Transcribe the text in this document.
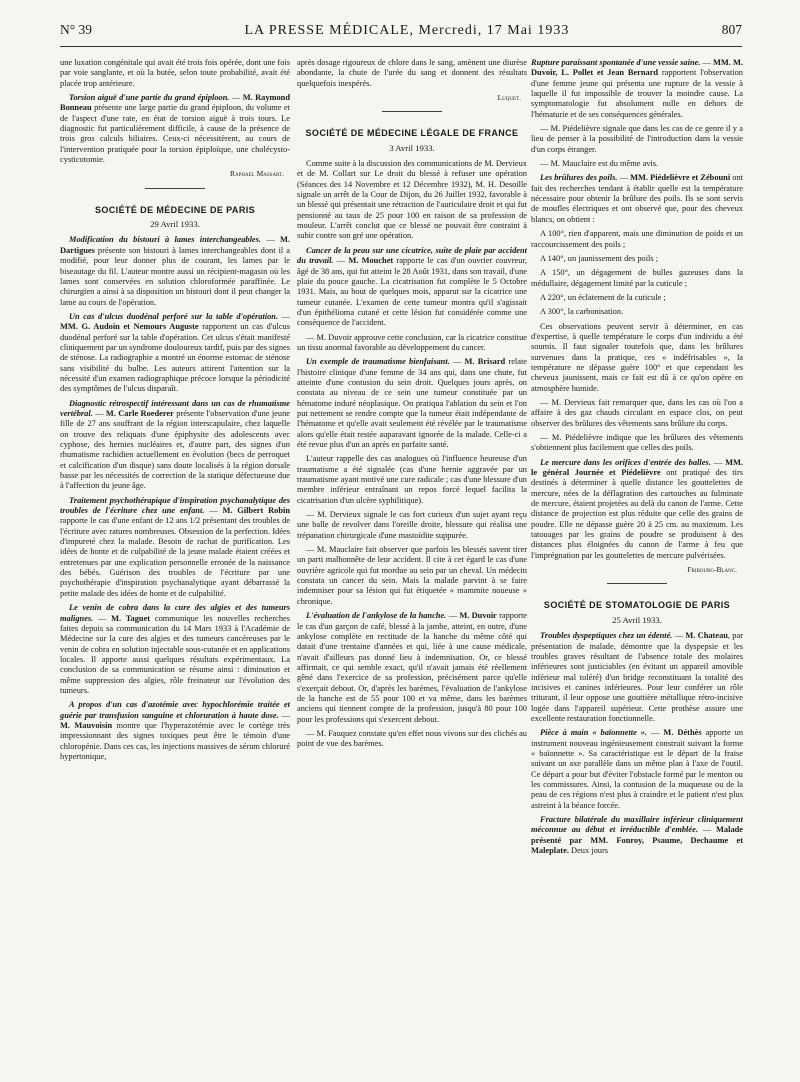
N° 39	LA PRESSE MÉDICALE, Mercredi, 17 Mai 1933	807

une luxation congénitale qui avait été trois fois opérée, dont une fois par voie sanglante, et où la butée, selon toute probabilité, avait été placée trop antérieure.

Torsion aiguë d'une partie du grand épiploon. — M. Raymond Bonneau présente une large partie du grand épiploon, du volume et de l'aspect d'une rate, en état de torsion aiguë à trois tours. Le diagnostic fut particulièrement difficile, à cause de la présence de trois gros calculs biliaires. Ceux-ci nécessitèrent, au cours de l'intervention pratiquée pour la torsion épiploïque, une cholécysto-cysticotomie.

Raphael Massart.
SOCIÉTÉ DE MÉDECINE DE PARIS
29 Avril 1933.

Modification du bistouri à lames interchangeables. — M. Dartigues présente son bistouri à lames interchangeables dont il a modifié, pour leur donner plus de courant, les lames par le biseautage du fil. L'auteur montre aussi un récipient-magasin où les lames sont conservées en solution chloroformée paraffinée. Le chirurgien a ainsi à sa disposition un bistouri dont il peut changer la lame au cours de l'opération.

Un cas d'ulcus duodénal perforé sur la table d'opération. — MM. G. Audoin et Nemours Auguste rapportent un cas d'ulcus duodénal perforé sur la table d'opération. Cet ulcus s'était manifesté cliniquement par un syndrome douloureux tardif, puis par des signes de sténose. La radiographie a montré un énorme estomac de sténose sans visibilité du bulbe. Les auteurs attirent l'attention sur la nécessité d'un examen radiographique précoce lorsque la périodicité des symptômes de l'ulcus disparaît.

Diagnostic rétrospectif intéressant dans un cas de rhumatisme vertébral. — M. Carle Roederer présente l'observation d'une jeune fille de 27 ans souffrant de la région interscapulaire, chez laquelle on trouve des reliquats d'une épiphysite des adolescents avec cyphose, des hernies nucléaires et, d'autre part, des signes d'un rhumatisme rachidien actuellement en évolution (becs de perroquet et calcification d'un disque) sans doute localisés à la région dorsale basse par les nécessités de correction de la statique défectueuse due à l'affection du jeune âge.

Traitement psychothérapique d'inspiration psychanalytique des troubles de l'écriture chez une enfant. — M. Gilbert Robin rapporte le cas d'une enfant de 12 ans 1/2 présentant des troubles de l'écriture avec ratures nombreuses. Obsession de la perfection. Idées d'impureté chez la malade. Besoin de rachat de purification. Les idées de honte et de culpabilité de la jeune malade étaient créées et entretenues par une explication personnelle erronée de la naissance des bébés. Guérison des troubles de l'écriture par une psychothérapie d'inspiration psychanalytique ayant débarrassé la petite malade des idées de honte et de culpabilité.

Le venin de cobra dans la cure des algies et des tumeurs malignes. — M. Taguet communique les nouvelles recherches faites depuis sa communication du 14 Mars 1933 à l'Académie de Médecine sur la cure des algies et des tumeurs cancéreuses par le venin de cobra en solution injectable sous-cutanée et en applications locales. Il apporte aussi quelques résultats expérimentaux. La conclusion de sa communication se résume ainsi : diminution et même suppression des algies, rôle freinateur sur l'évolution des tumeurs.

A propos d'un cas d'azotémie avec hypochlorémie traitée et guérie par transfusion sanguine et chloruration à haute dose. — M. Mauvoisin montre que l'hyperazotémie avec le cortège très impressionnant des signes toxiques peut être le témoin d'une chloropénie. Dans ces cas, les injections massives de sérum chloruré hypertonique,

après dosage rigoureux de chlore dans le sang, amènent une diurèse abondante, la chute de l'urée du sang et donnent des résultats quelquefois inespérés.

Luquet.
SOCIÉTÉ DE MÉDECINE LÉGALE DE FRANCE
3 Avril 1933.

Comme suite à la discussion des communications de M. Dervieux et de M. Collart sur Le droit du blessé à refuser une opération (Séances des 14 Novembre et 12 Décembre 1932), M. H. Desoille signale un arrêt de la Cour de Dijon, du 26 Juillet 1932, favorable à un blessé qui présentait une rétraction de l'auriculaire droit et qui fut pensionné au taux de 25 pour 100 en raison de sa profession de mouleur. L'arrêt conclut que ce blessé ne pouvait être contraint à subir contre son gré une opération.

Cancer de la peau sur une cicatrice, suite de plaie par accident du travail. — M. Mouchet rapporte le cas d'un ouvrier couvreur, âgé de 38 ans, qui fut atteint le 28 Août 1931, dans son travail, d'une plaie du pouce gauche. La cicatrisation fut complète le 5 Octobre 1931. Mais, au bout de quelques mois, apparut sur la cicatrice une tumeur cutanée. L'examen de cette tumeur montra qu'il s'agissait d'un épithélioma cutané et cette lésion fut considérée comme une conséquence de l'accident.

— M. Duvoir approuve cette conclusion, car la cicatrice constitue un tissu anormal favorable au développement du cancer.

Un exemple de traumatisme bienfaisant. — M. Brisard relate l'histoire clinique d'une femme de 34 ans qui, dans une chute, fut atteinte d'une contusion du sein droit. Quelques jours après, on constata au niveau de ce sein une tumeur constituée par un hématome induré néoplasique. On pratiqua l'ablation du sein et l'on put nettement se rendre compte que la tumeur était indépendante de l'hématome et qu'elle avait seulement été révélée par le traumatisme alors qu'elle était restée auparavant ignorée de la malade. Celle-ci a été revue plus d'un an après en parfaite santé.

L'auteur rappelle des cas analogues où l'influence heureuse d'un traumatisme a été signalée (cas d'une hernie aggravée par un traumatisme ayant motivé une cure radicale ; cas d'une blessure d'un membre inférieur entraînant un repos forcé lequel facilita la cicatrisation d'un ulcère syphilitique).

— M. Dervieux signale le cas fort curieux d'un sujet ayant reçu une balle de revolver dans l'oreille droite, blessure qui réalisa une trépanation chirurgicale d'une mastoïdite suppurée.

— M. Mauclaire fait observer que parfois les blessés savent tirer un parti malhonnête de leur accident. Il cite à cet égard le cas d'une ouvrière agricole qui fut mordue au sein par un cheval. Un médecin constata un cancer du sein. Mais la malade parvint à se faire indemniser pour sa lésion qui fut étiquetée « mammite noueuse » chronique.

L'évaluation de l'ankylose de la hanche. — M. Duvoir rapporte le cas d'un garçon de café, blessé à la jambe, atteint, en outre, d'une ankylose complète en rectitude de la hanche du même côté qui datait d'une trentaine d'années et qui, liée à une cause médicale, n'avait d'ailleurs pas donné lieu à indemnisation. Or, ce blessé affirmait, ce qui semble exact, qu'il n'avait jamais été réellement gêné dans l'exercice de sa profession, précisément parce qu'elle s'exerçait debout. Or, d'après les barèmes, l'évaluation de l'ankylose de la hanche est de 55 pour 100 et va même, dans les barèmes anciens qui tiennent compte de la profession, jusqu'à 80 pour 100 pour les professions qui s'exercent debout.

— M. Fauquez constate qu'en effet nous vivons sur des clichés au point de vue des barèmes.

Rupture paraissant spontanée d'une vessie saine. — MM. M. Duvoir, L. Pollet et Jean Bernard rapportent l'observation d'une femme jeune qui présenta une rupture de la vessie à laquelle il fut impossible de trouver la moindre cause. La symptomatologie fut absolument nulle en dehors de l'hématurie et de ses conséquences générales.

— M. Piédelièvre signale que dans les cas de ce genre il y a lieu de penser à la possibilité de l'introduction dans la vessie d'un corps étranger.

— M. Mauclaire est du même avis.

Les brûlures des poils. — MM. Piédelièvre et Zébouni ont fait des recherches tendant à établir quelle est la température nécessaire pour obtenir la brûlure des poils. Ils se sont servis de moufles électriques et ont observé que, pour des cheveux blancs, on obtient :

A 100°, rien d'apparent, mais une diminution de poids et un raccourcissement des poils ;

A 140°, un jaunissement des poils ;

A 150°, un dégagement de bulles gazeuses dans la médullaire, dégagement limité par la cuticule ;

A 220°, un éclatement de la cuticule ;

A 300°, la carbonisation.

Ces observations peuvent servir à déterminer, en cas d'expertise, à quelle température le corps d'un individu a été soumis. Il faut signaler toutefois que, dans les brûlures survenues dans la pratique, ces « indéfrisables », la température ne dépasse guère 100° et que cependant les cheveux jaunissent, mais ce fait est dû à ce qu'on opère en atmosphère humide.

— M. Dervieux fait remarquer que, dans les cas où l'on a affaire à des gaz chauds circulant en espace clos, on peut observer des brûlures des vêtements sans brûlure du corps.

— M. Piédelièvre indique que les brûlures des vêtements s'obtiennent plus facilement que celles des poils.

Le mercure dans les orifices d'entrée des balles. — MM. le général Journée et Piédelièvre ont pratiqué des tirs destinés à déterminer à quelle distance les gouttelettes de mercure, nées de la déflagration des cartouches au fulminate de mercure, étaient projetées au delà du canon de l'arme. Cette distance de projection est plus réduite que celle des grains de poudre. Elle ne dépasse guère 20 à 25 cm. au maximum. Les tatouages par les grains de poudre se produisent à des distances plus éloignées du canon de l'arme à feu que l'imprégnation par les gouttelettes de mercure pulvérisées.

Fribourg-Blanc.
SOCIÉTÉ DE STOMATOLOGIE DE PARIS
25 Avril 1933.

Troubles dyspeptiques chez un édenté. — M. Chateau, par présentation de malade, démontre que la dyspepsie et les troubles graves résultant de l'absence totale des molaires inférieures sont justiciables (en évitant un appareil amovible inférieur mal toléré) d'un bridge reconstituant la totalité des incisives et canines inférieures. Pour leur conférer un rôle triturant, il leur oppose une gouttière métallique rétro-incisive logée dans l'appareil supérieur. Cette prothèse assure une excellente restauration fonctionnelle.

Pièce à main « baïonnette ». — M. Déthès apporte un instrument nouveau ingénieusement construit suivant la forme « baïonnette ». Sa caractéristique est le départ de la fraise suivant un axe parallèle dans un même plan à l'axe de l'outil. Ce départ a pour but d'éviter l'obstacle formé par le menton ou les commissures. Ainsi, la contusion de la muqueuse ou de la peau de ces régions n'est plus à craindre et le patient n'est plus astreint à la béance forcée.

Fracture bilatérale du maxillaire inférieur cliniquement méconnue au début et irréductible d'emblée. — Malade présenté par MM. Fonroy, Psaume, Dechaume et Maleplate. Deux jours
